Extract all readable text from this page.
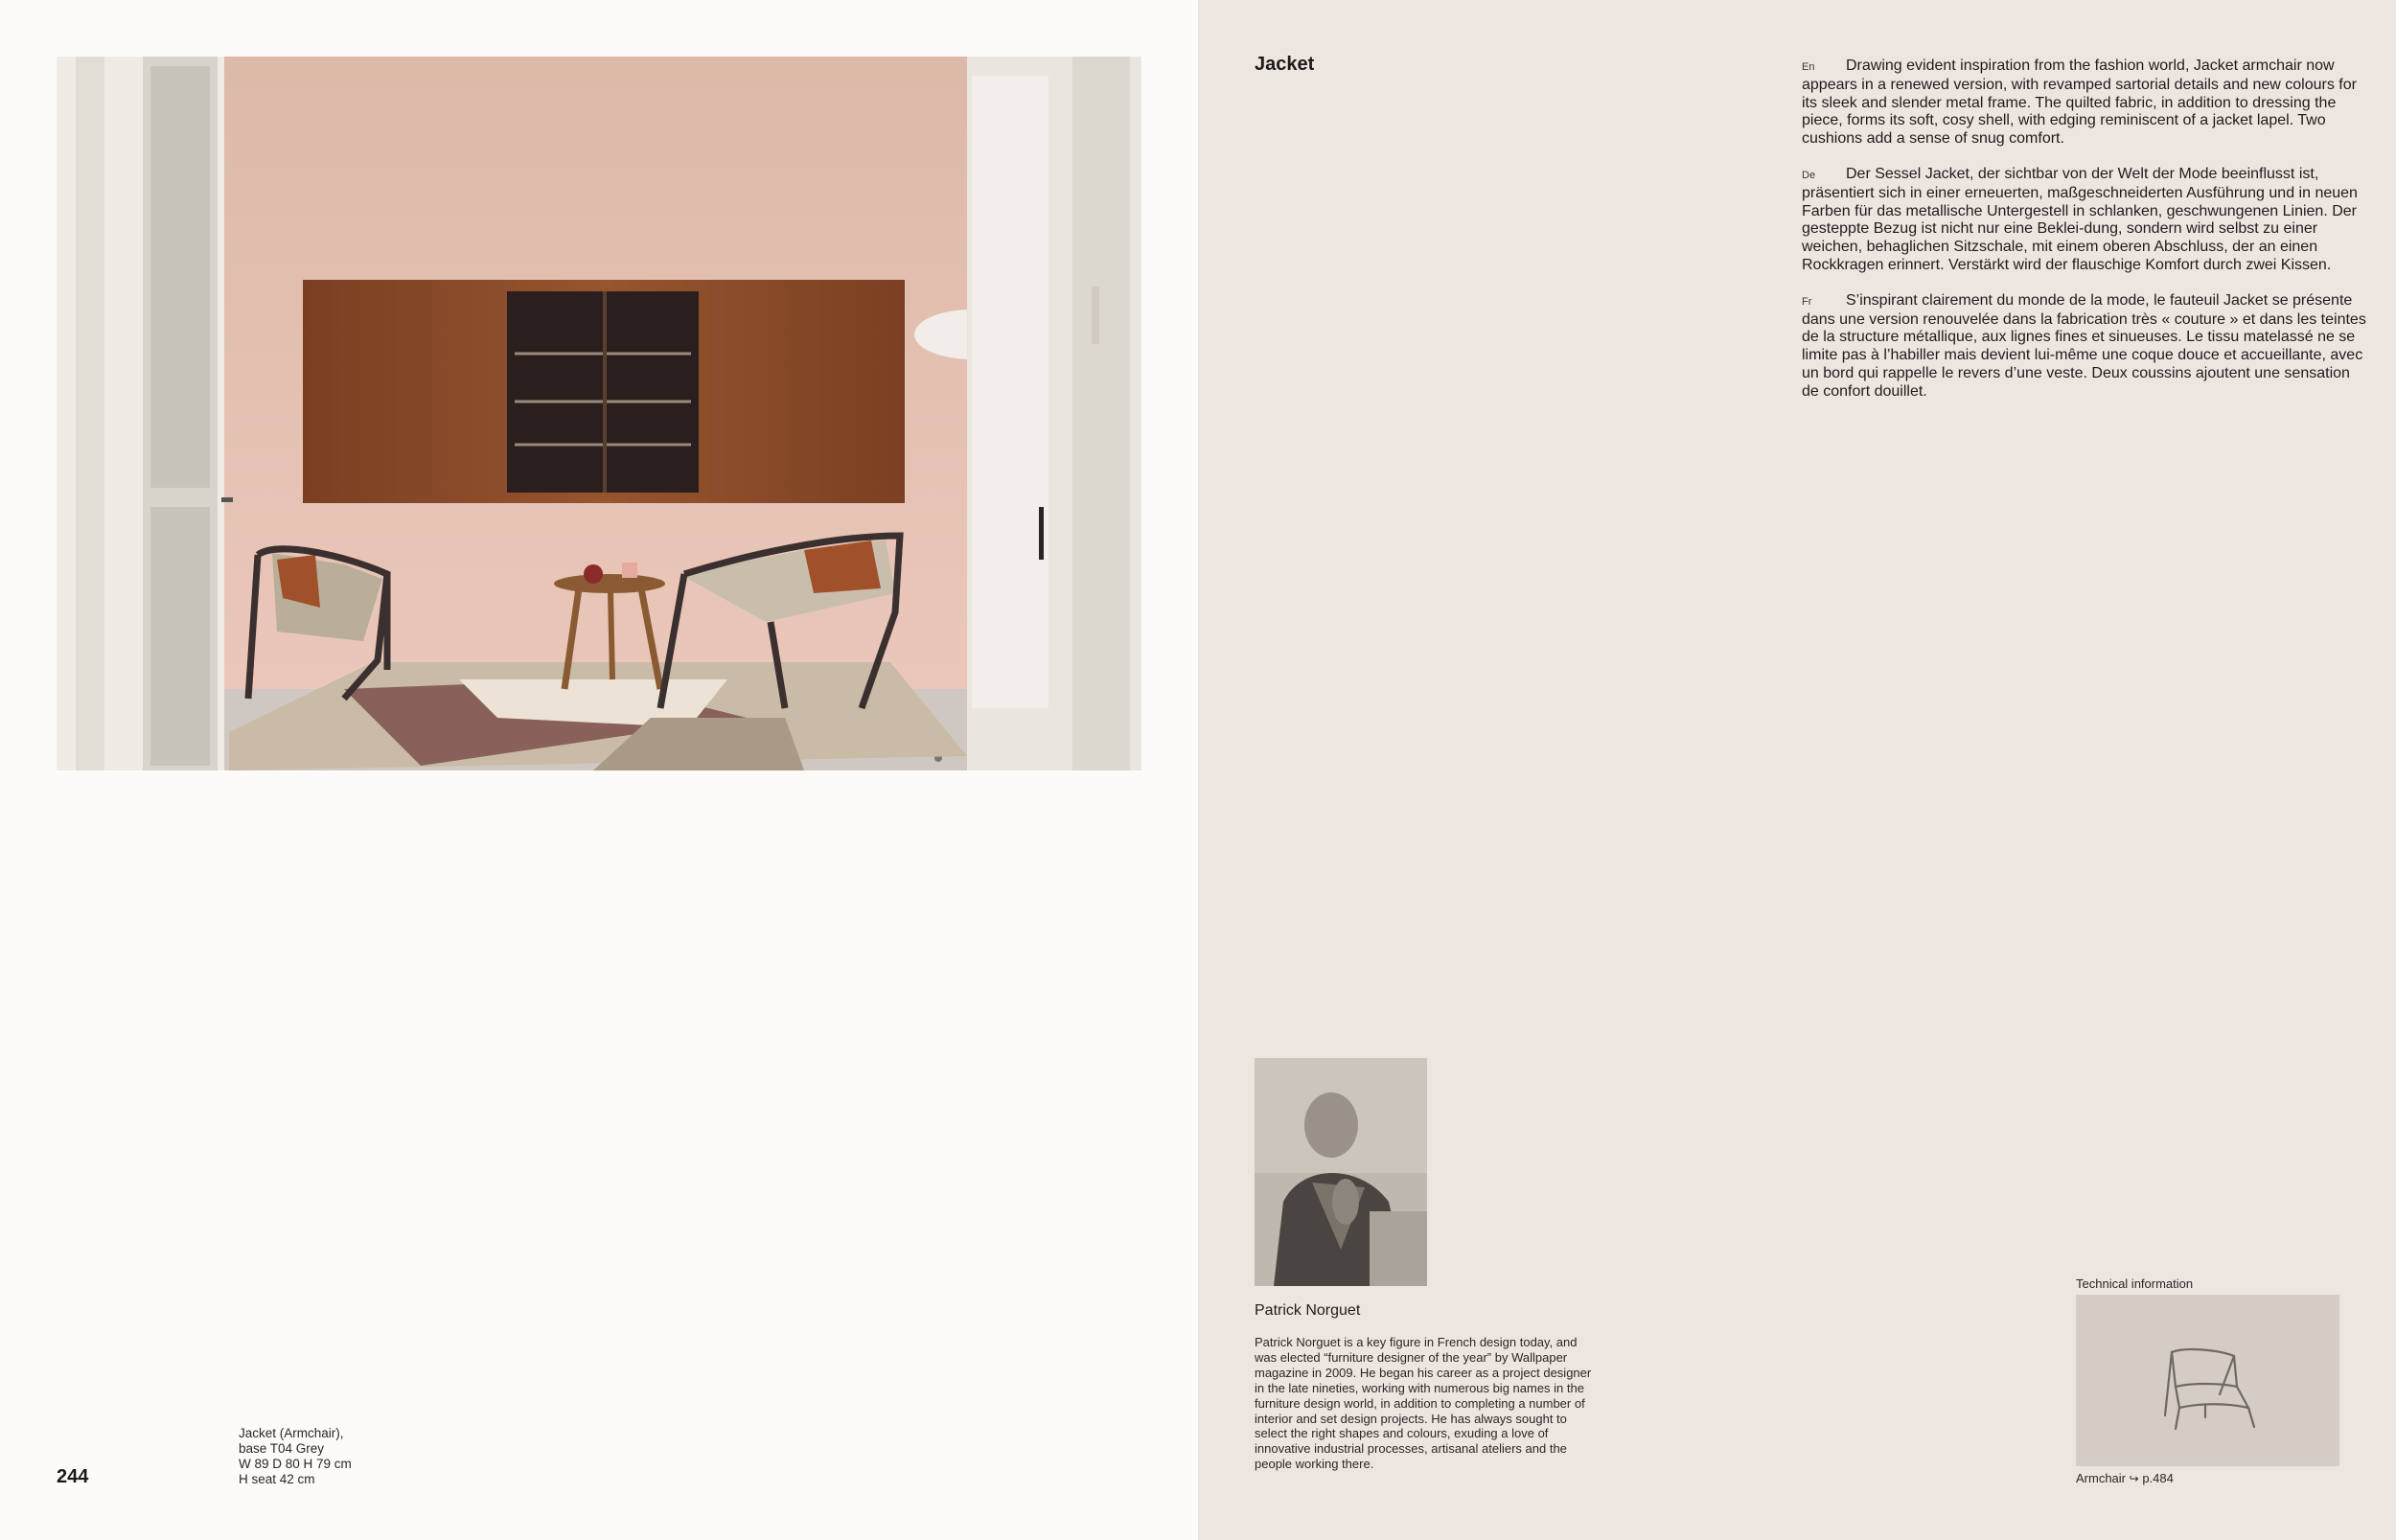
Jacket (Armchair),
base T04 Grey
W 89 D 80 H 79 cm
H seat 42 cm
244
Jacket	En Drawing evident inspiration from the fashion world, Jacket armchair now appears in a renewed version, with revamped sartorial details and new colours for its sleek and slender metal frame. The quilted fabric, in addition to dressing the piece, forms its soft, cosy shell, with edging reminiscent of a jacket lapel. Two cushions add a sense of snug comfort.

De Der Sessel Jacket, der sichtbar von der Welt der Mode beeinflusst ist, präsentiert sich in einer erneuerten, maßgeschneiderten Ausführung und in neuen Farben für das metallische Untergestell in schlanken, geschwungenen Linien. Der gesteppte Bezug ist nicht nur eine Beklei-dung, sondern wird selbst zu einer weichen, behaglichen Sitzschale, mit einem oberen Abschluss, der an einen Rockkragen erinnert. Verstärkt wird der flauschige Komfort durch zwei Kissen.

Fr S’inspirant clairement du monde de la mode, le fauteuil Jacket se présente dans une version renouvelée dans la fabrication très « couture » et dans les teintes de la structure métallique, aux lignes fines et sinueuses. Le tissu matelassé ne se limite pas à l’habiller mais devient lui-même une coque douce et accueillante, avec un bord qui rappelle le revers d’une veste. Deux coussins ajoutent une sensation de confort douillet.

Patrick Norguet
Patrick Norguet is a key figure in French design today, and was elected “furniture designer of the year” by Wallpaper magazine in 2009. He began his career as a project designer in the late nineties, working with numerous big names in the furniture design world, in addition to completing a number of interior and set design projects. He has always sought to select the right shapes and colours, exuding a love of innovative industrial processes, artisanal ateliers and the people working there.
Technical information
Armchair ↪ p.484
